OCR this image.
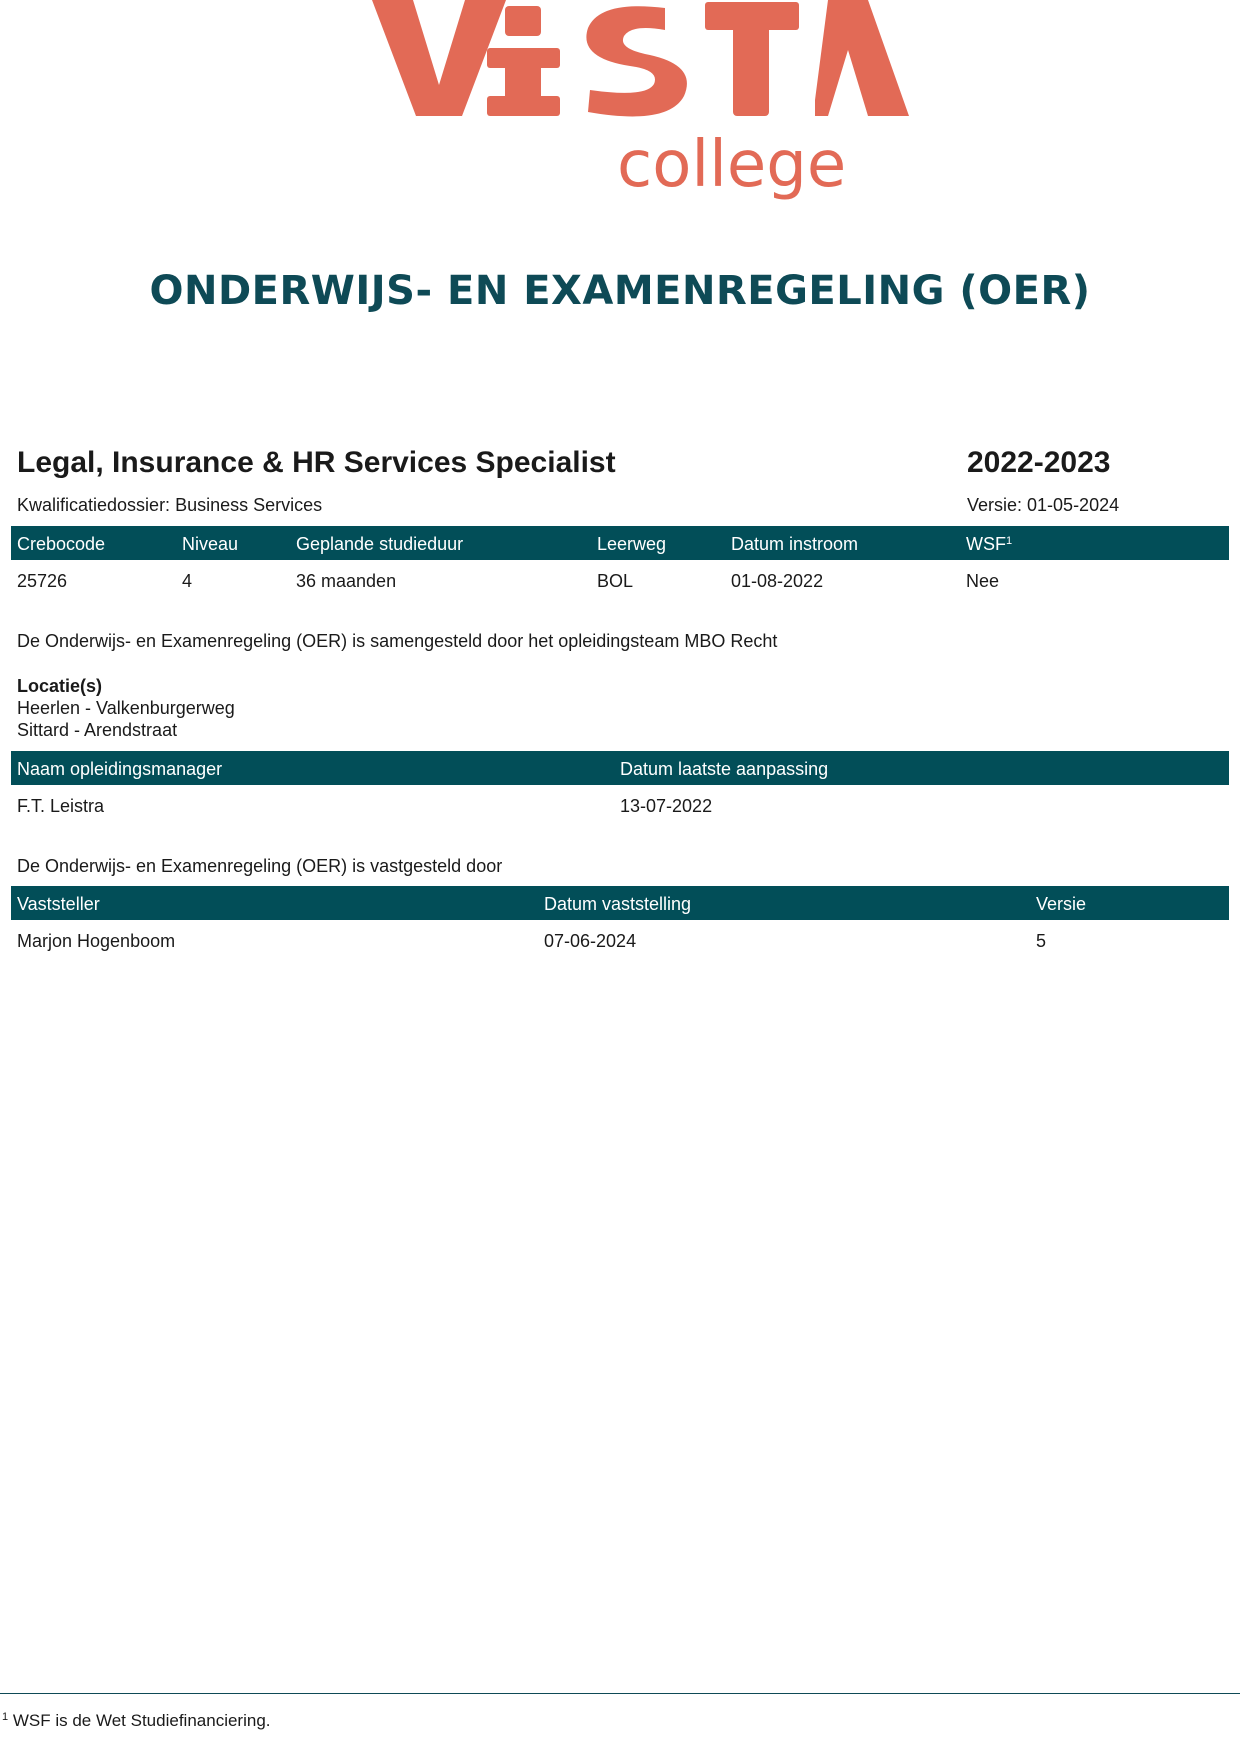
college
ONDERWIJS- EN EXAMENREGELING (OER)
Legal, Insurance & HR Services Specialist	2022-2023
Kwalificatiedossier: Business Services	Versie: 01-05-2024
Crebocode	Niveau	Geplande studieduur	Leerweg	Datum instroom	WSF$^1$
25726	4	36 maanden	BOL	01-08-2022	Nee
De Onderwijs- en Examenregeling (OER) is samengesteld door het opleidingsteam MBO Recht
Locatie(s)
Heerlen - Valkenburgerweg
Sittard - Arendstraat
Naam opleidingsmanager	Datum laatste aanpassing
F.T. Leistra	13-07-2022
De Onderwijs- en Examenregeling (OER) is vastgesteld door
Vaststeller	Datum vaststelling	Versie
Marjon Hogenboom	07-06-2024	5
$^1$ WSF is de Wet Studiefinanciering.
